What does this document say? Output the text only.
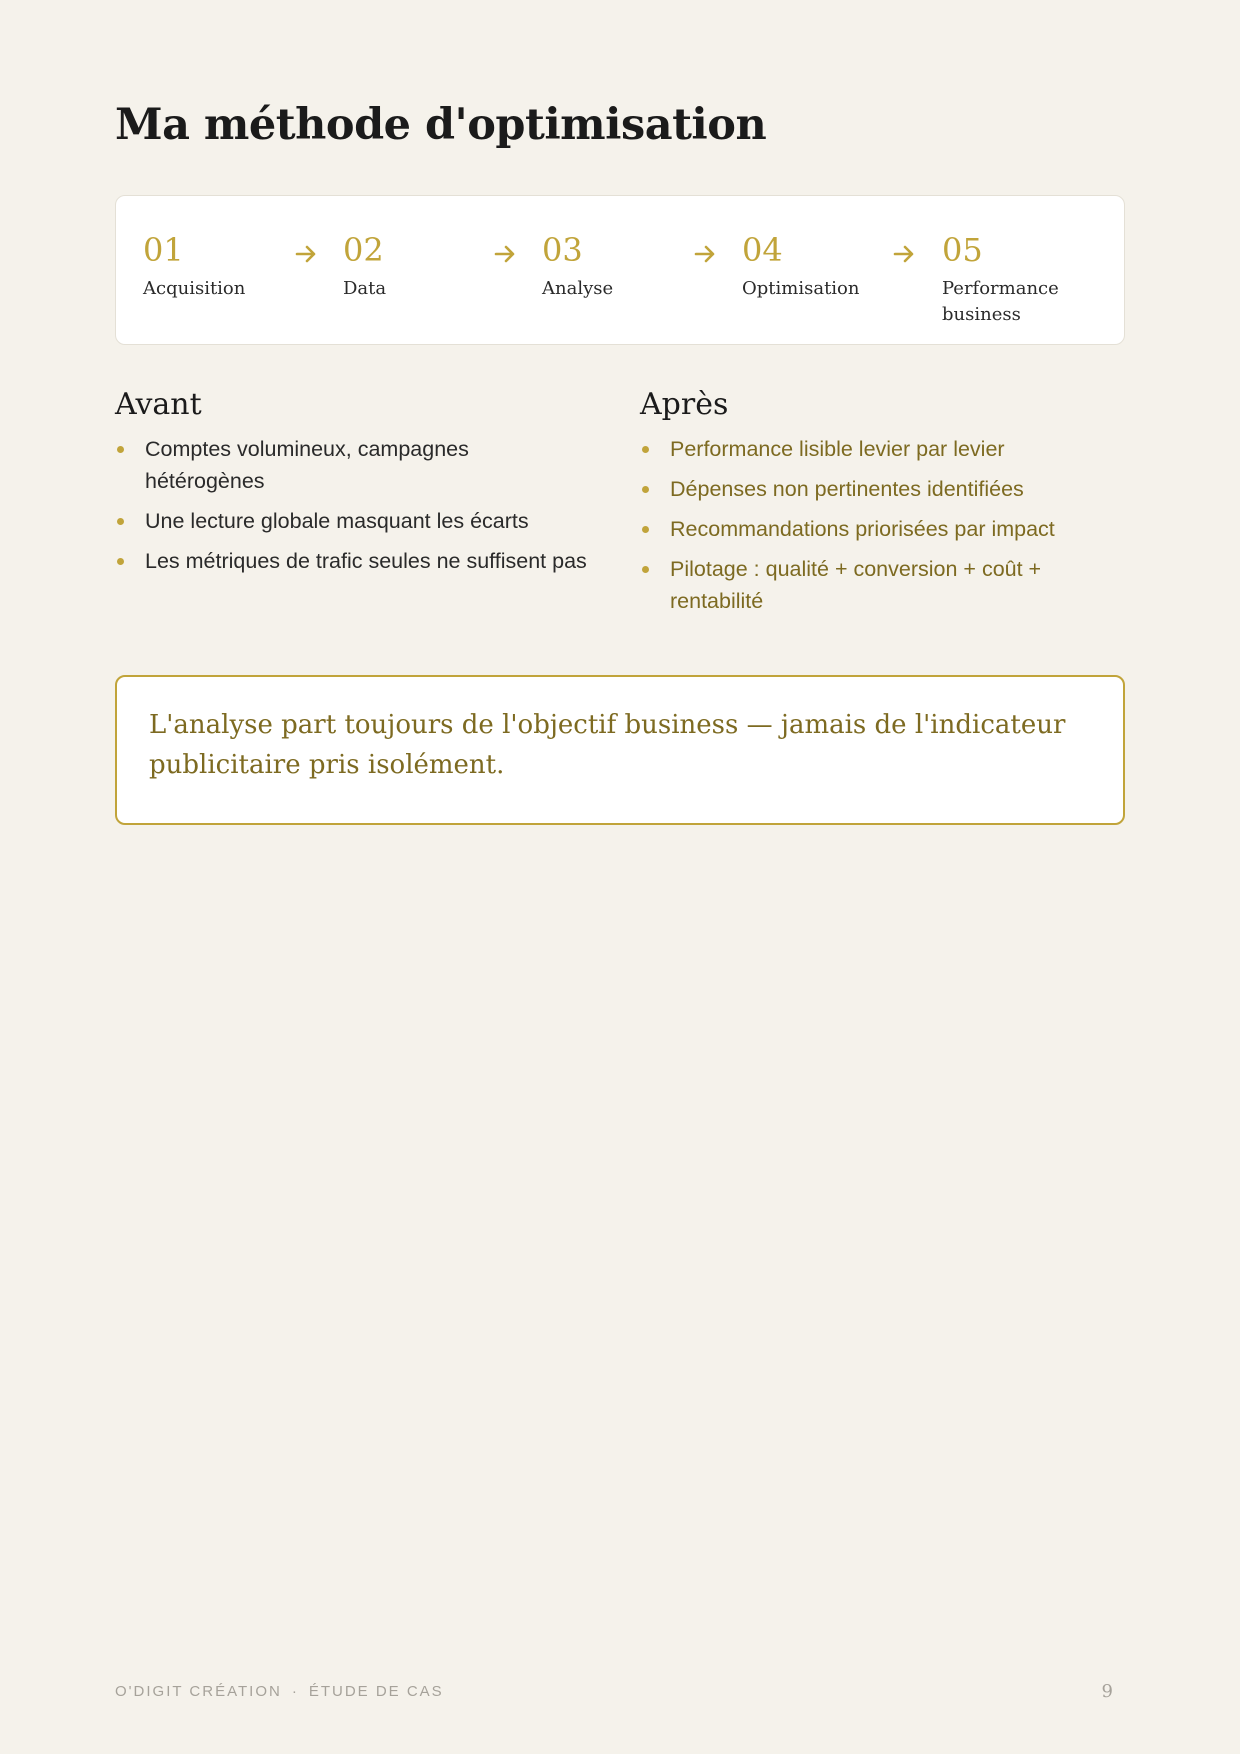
Ma méthode d'optimisation
01
Acquisition
02
Data
03
Analyse
04
Optimisation
05
Performance business
Avant
Comptes volumineux, campagnes hétérogènes
Une lecture globale masquant les écarts
Les métriques de trafic seules ne suffisent pas
Après
Performance lisible levier par levier
Dépenses non pertinentes identifiées
Recommandations priorisées par impact
Pilotage : qualité + conversion + coût + rentabilité

L'analyse part toujours de l'objectif business — jamais de l'indicateur publicitaire pris isolément.

O'DIGIT CRÉATION · ÉTUDE DE CAS	9
